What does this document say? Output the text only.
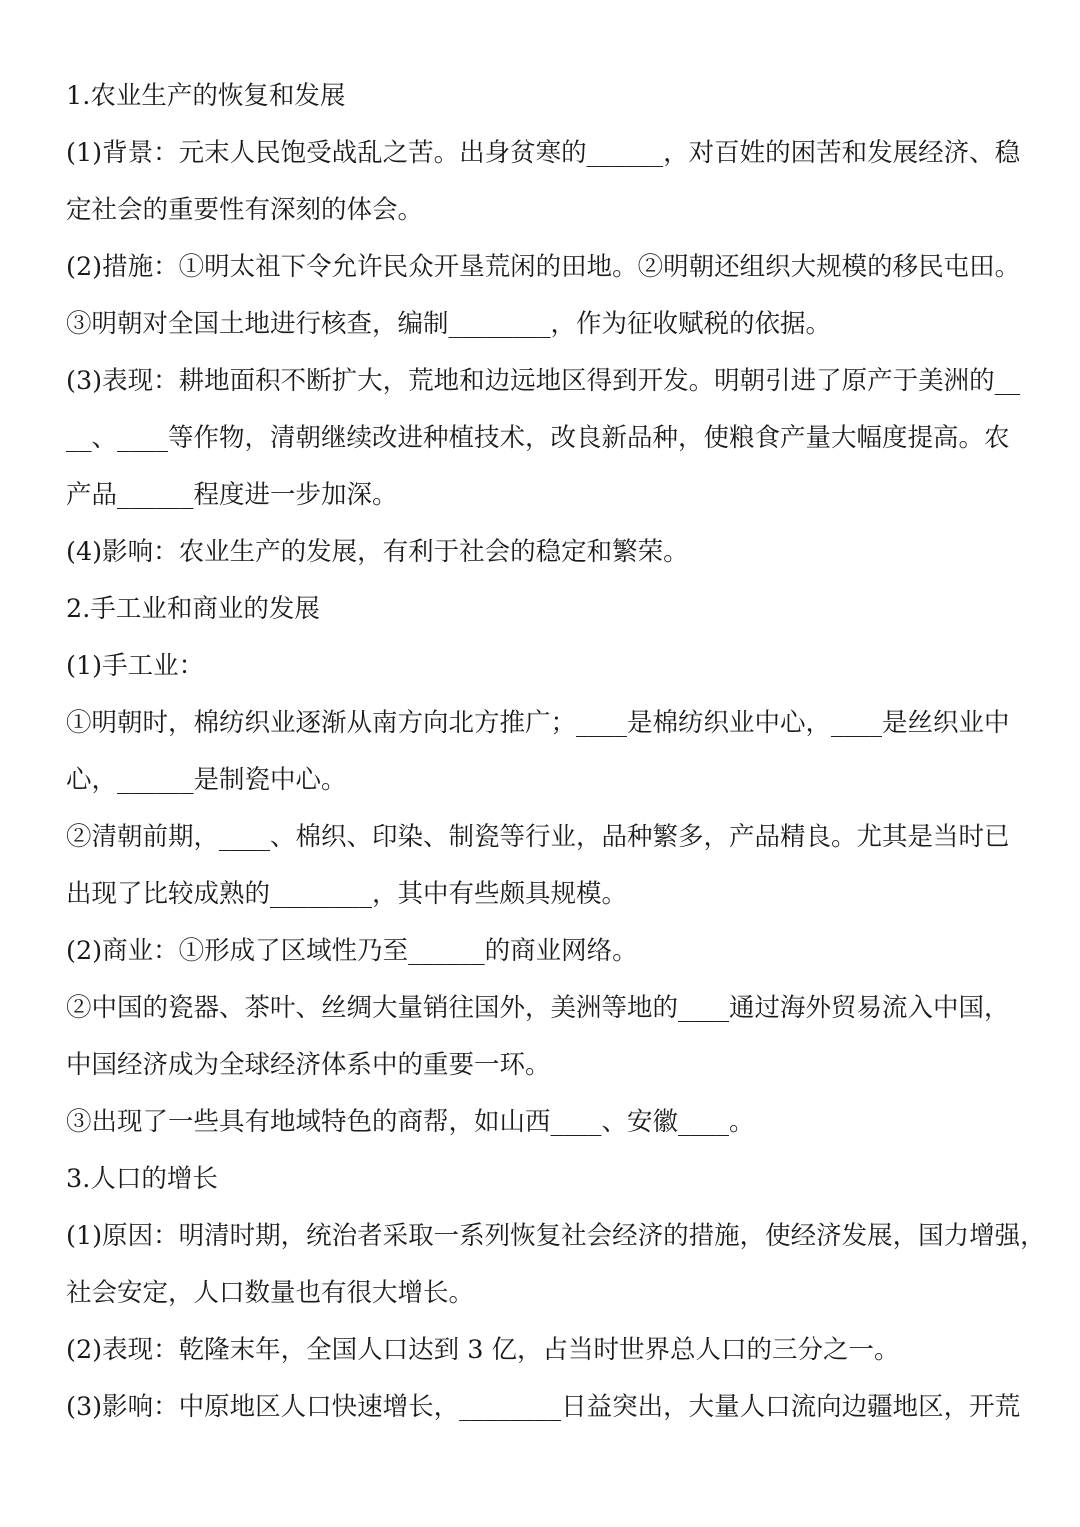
1.农业生产的恢复和发展
(1)背景：元末人民饱受战乱之苦。出身贫寒的______，对百姓的困苦和发展经济、稳
定社会的重要性有深刻的体会。
(2)措施：①明太祖下令允许民众开垦荒闲的田地。②明朝还组织大规模的移民屯田。
③明朝对全国土地进行核查，编制________，作为征收赋税的依据。
(3)表现：耕地面积不断扩大，荒地和边远地区得到开发。明朝引进了原产于美洲的__
__、____等作物，清朝继续改进种植技术，改良新品种，使粮食产量大幅度提高。农
产品______程度进一步加深。
(4)影响：农业生产的发展，有利于社会的稳定和繁荣。
2.手工业和商业的发展
(1)手工业：
①明朝时，棉纺织业逐渐从南方向北方推广；____是棉纺织业中心，____是丝织业中
心，______是制瓷中心。
②清朝前期，____、棉织、印染、制瓷等行业，品种繁多，产品精良。尤其是当时已
出现了比较成熟的________，其中有些颇具规模。
(2)商业：①形成了区域性乃至______的商业网络。
②中国的瓷器、茶叶、丝绸大量销往国外，美洲等地的____通过海外贸易流入中国，
中国经济成为全球经济体系中的重要一环。
③出现了一些具有地域特色的商帮，如山西____、安徽____。
3.人口的增长
(1)原因：明清时期，统治者采取一系列恢复社会经济的措施，使经济发展，国力增强，
社会安定，人口数量也有很大增长。
(2)表现：乾隆末年，全国人口达到 3 亿，占当时世界总人口的三分之一。
(3)影响：中原地区人口快速增长，________日益突出，大量人口流向边疆地区，开荒
